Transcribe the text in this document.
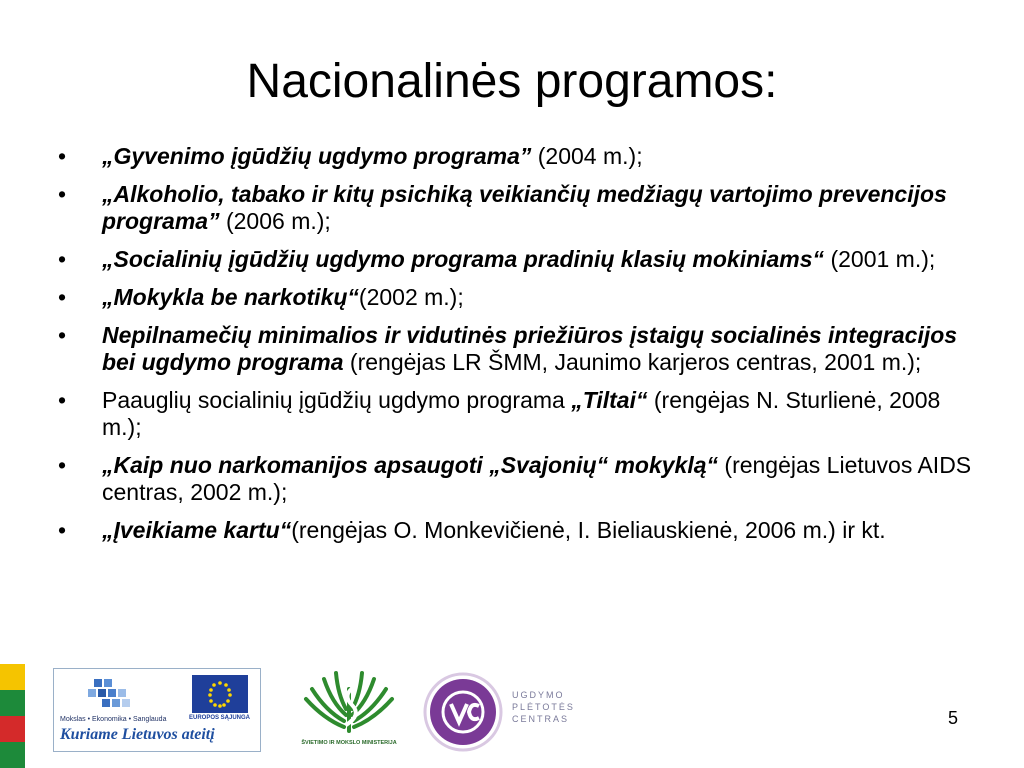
Nacionalinės programos:
• „Gyvenimo įgūdžių ugdymo programa” (2004 m.);
• „Alkoholio, tabako ir kitų psichiką veikiančių medžiagų vartojimo prevencijos programa” (2006 m.);
• „Socialinių įgūdžių ugdymo programa pradinių klasių mokiniams“ (2001 m.);
• „Mokykla be narkotikų“(2002 m.);
• Nepilnamečių minimalios ir vidutinės priežiūros įstaigų socialinės integracijos bei ugdymo programa (rengėjas LR ŠMM, Jaunimo karjeros centras, 2001 m.);
• Paauglių socialinių įgūdžių ugdymo programa „Tiltai“ (rengėjas N. Sturlienė, 2008 m.);
• „Kaip nuo narkomanijos apsaugoti „Svajonių“ mokyklą“ (rengėjas Lietuvos AIDS centras, 2002 m.);
• „Įveikiame kartu“(rengėjas O. Monkevičienė, I. Bieliauskienė, 2006 m.) ir kt.
EUROPOS SĄJUNGA
Mokslas • Ekonomika • Sanglauda
Kuriame Lietuvos ateitį	ŠVIETIMO IR MOKSLO MINISTERIJA
UGDYMO
PLĖTOTĖS
CENTRAS	5
